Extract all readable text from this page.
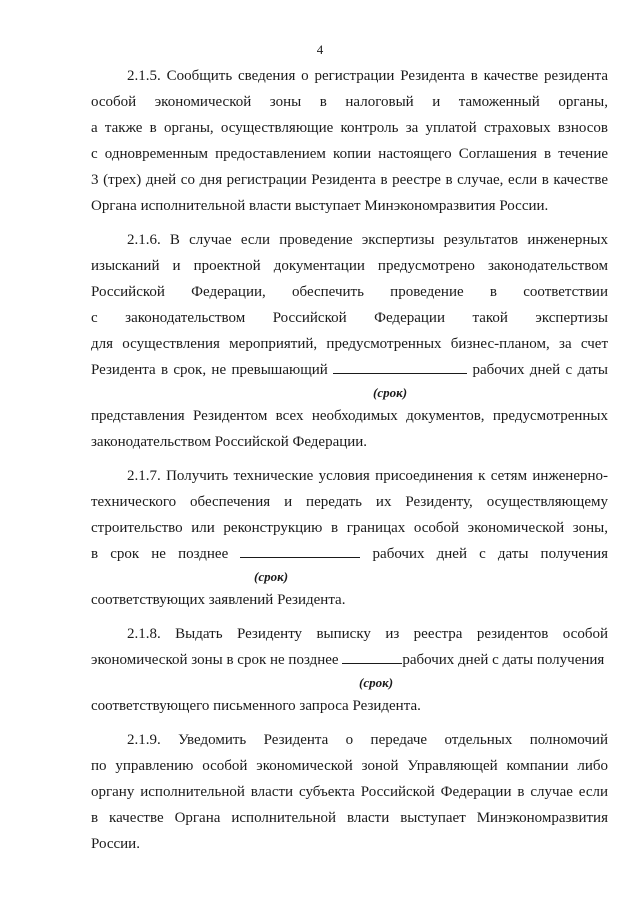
4
2.1.5. Сообщить сведения о регистрации Резидента в качестве резидента
особой экономической зоны в налоговый и таможенный органы,
а также в органы, осуществляющие контроль за уплатой страховых взносов
с одновременным предоставлением копии настоящего Соглашения в течение
3 (трех) дней со дня регистрации Резидента в реестре в случае, если в качестве
Органа исполнительной власти выступает Минэкономразвития России.
2.1.6. В случае если проведение экспертизы результатов инженерных
изысканий и проектной документации предусмотрено законодательством
Российской Федерации, обеспечить проведение в соответствии
с законодательством Российской Федерации такой экспертизы
для осуществления мероприятий, предусмотренных бизнес-планом, за счет
Резидента в срок, не превышающий	рабочих дней с даты
(срок)
представления Резидентом всех необходимых документов, предусмотренных
законодательством Российской Федерации.
2.1.7. Получить технические условия присоединения к сетям инженерно-
технического обеспечения и передать их Резиденту, осуществляющему
строительство или реконструкцию в границах особой экономической зоны,
в срок не позднее	рабочих дней с даты получения
(срок)
соответствующих заявлений Резидента.
2.1.8. Выдать Резиденту выписку из реестра резидентов особой
экономической зоны в срок не позднее	рабочих дней с даты получения
(срок)
соответствующего письменного запроса Резидента.
2.1.9. Уведомить Резидента о передаче отдельных полномочий
по управлению особой экономической зоной Управляющей компании либо
органу исполнительной власти субъекта Российской Федерации в случае если
в качестве Органа исполнительной власти выступает Минэкономразвития
России.
